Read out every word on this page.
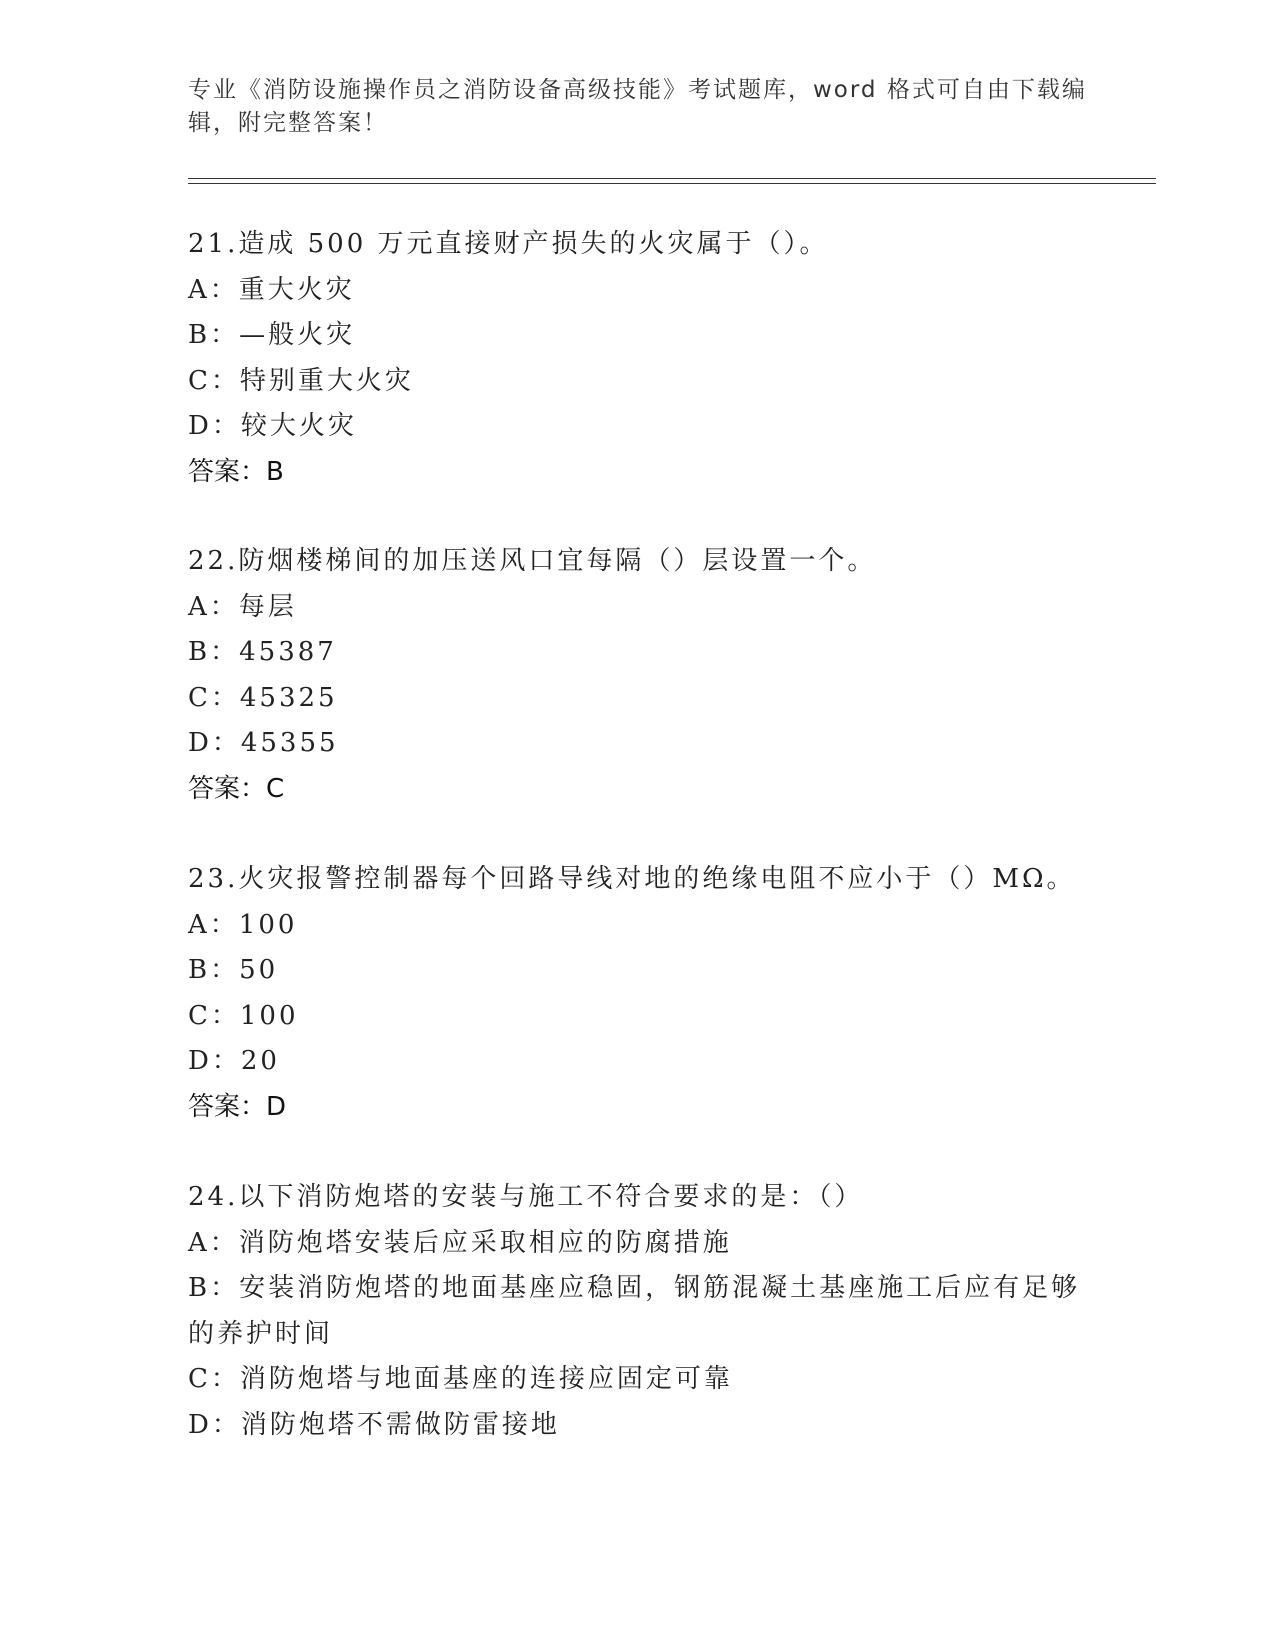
专业《消防设施操作员之消防设备高级技能》考试题库，word 格式可自由下载编
辑，附完整答案！
21.造成 500 万元直接财产损失的火灾属于（）。
A：重大火灾
B：—般火灾
C：特别重大火灾
D：较大火灾
答案：B
22.防烟楼梯间的加压送风口宜每隔（）层设置一个。
A：每层
B：45387
C：45325
D：45355
答案：C
23.火灾报警控制器每个回路导线对地的绝缘电阻不应小于（）MΩ。
A：100
B：50
C：100
D：20
答案：D
24.以下消防炮塔的安装与施工不符合要求的是：（）
A：消防炮塔安装后应采取相应的防腐措施
B：安装消防炮塔的地面基座应稳固，钢筋混凝土基座施工后应有足够
的养护时间
C：消防炮塔与地面基座的连接应固定可靠
D：消防炮塔不需做防雷接地
